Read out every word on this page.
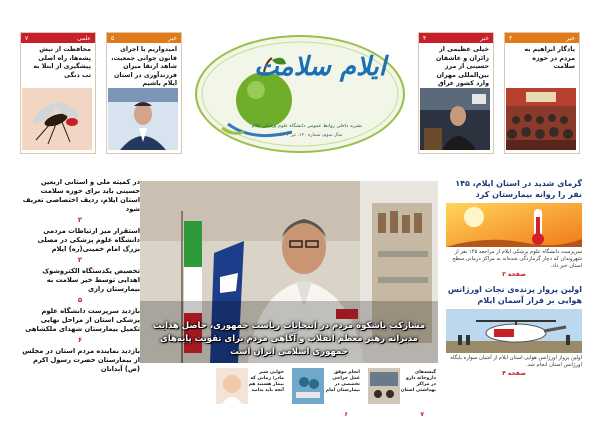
خبر
۳
یادگار ابراهیم به مردم در حوزه سلامت
خبر
۴
خیلی عظیمی از زائران و عاشقان حسینی از مرز بین‌المللی مهران وارد کشور عراق
ایلام سلامت
نشریه داخلی روابط عمومی دانشگاه علوم پزشکی ایلام
سال سوم، شماره ۱۴۰، تیر ۱۴۰۳
خبر
۵
امیدواریم با اجرای قانون جوانی جمعیت، شاهد ارتقا میزان فرزندآوری در استان ایلام باشیم
علمی
۷
محافظت از نیش پشه‌ها، راه اصلی پیشگیری از ابتلا به تب دنگی
در کمیته ملی و استانی اربعین حسینی باید برای حوزه سلامت استان ایلام، ردیف اختصاصی تعریف شود
۲
استقرار میز ارتباطات مردمی دانشگاه علوم پزشکی در مصلی بزرگ امام خمینی(ره) ایلام
۲
تخصیص یکدستگاه الکتروشوک اهدایی توسط خیر سلامت به بیمارستان رازی
۵
بازدید سرپرست دانشگاه علوم پزشکی استان از مراحل نهایی تکمیل بیمارستان شهدای ملکشاهی
۶
بازدید نماینده مردم استان در مجلس از بیمارستان حضرت رسول اکرم (ص) آبدانان
مشارکت باشکوه مردم در انتخابات ریاست جمهوری، حاصل هدایت مدبرانه رهبر معظم انقلاب و آگاهی مردم برای تقویت پایه‌های جمهوری اسلامی ایران است
گرمای شدید در استان ایلام، ۱۴۵ نفر را روانه بیمارستان کرد
سرپرست دانشگاه علوم پزشکی ایلام از مراجعه ۱۴۵ نفر از شهروندان که دچار گرمازدگی شده‌اند به مراکز درمانی سطح استان خبر داد.
صفحه ۳
اولین پرواز پرنده‌ی نجات اورژانس هوایی بر فراز آسمان ایلام
اولین پرواز اورژانس هوایی استان ایلام از آشیان سواره پایگاه اورژانس استان انجام شد.
صفحه ۴
گیشه‌های داروخانه دارو در مراکز بهداشتی استان
۷
انجام موفق عمل جراحی تخصصی در بیمارستان امام
۶
خوابی شیر مادر؛ زمانی که بیمار هستید هم آنچه باید بدانید
